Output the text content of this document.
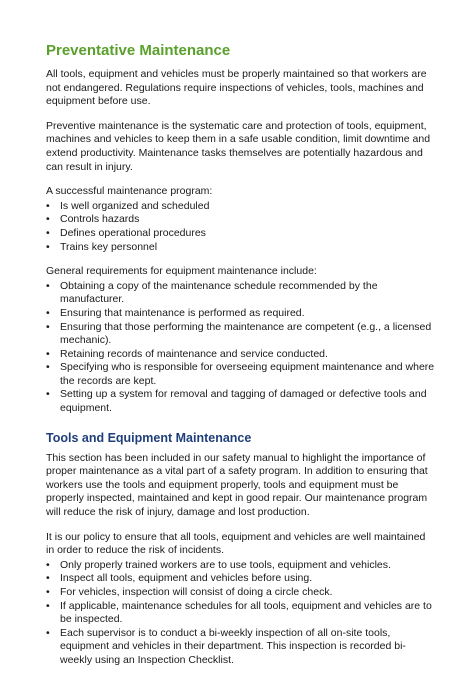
Preventative Maintenance

All tools, equipment and vehicles must be properly maintained so that workers are not endangered. Regulations require inspections of vehicles, tools, machines and equipment before use.

Preventive maintenance is the systematic care and protection of tools, equipment, machines and vehicles to keep them in a safe usable condition, limit downtime and extend productivity. Maintenance tasks themselves are potentially hazardous and can result in injury.

A successful maintenance program:

• Is well organized and scheduled
• Controls hazards
• Defines operational procedures
• Trains key personnel

General requirements for equipment maintenance include:

• Obtaining a copy of the maintenance schedule recommended by the manufacturer.
• Ensuring that maintenance is performed as required.
• Ensuring that those performing the maintenance are competent (e.g., a licensed mechanic).
• Retaining records of maintenance and service conducted.
• Specifying who is responsible for overseeing equipment maintenance and where the records are kept.
• Setting up a system for removal and tagging of damaged or defective tools and equipment.
Tools and Equipment Maintenance

This section has been included in our safety manual to highlight the importance of proper maintenance as a vital part of a safety program. In addition to ensuring that workers use the tools and equipment properly, tools and equipment must be properly inspected, maintained and kept in good repair. Our maintenance program will reduce the risk of injury, damage and lost production.

It is our policy to ensure that all tools, equipment and vehicles are well maintained in order to reduce the risk of incidents.

• Only properly trained workers are to use tools, equipment and vehicles.
• Inspect all tools, equipment and vehicles before using.
• For vehicles, inspection will consist of doing a circle check.
• If applicable, maintenance schedules for all tools, equipment and vehicles are to be inspected.
• Each supervisor is to conduct a bi-weekly inspection of all on-site tools, equipment and vehicles in their department. This inspection is recorded bi-weekly using an Inspection Checklist.
